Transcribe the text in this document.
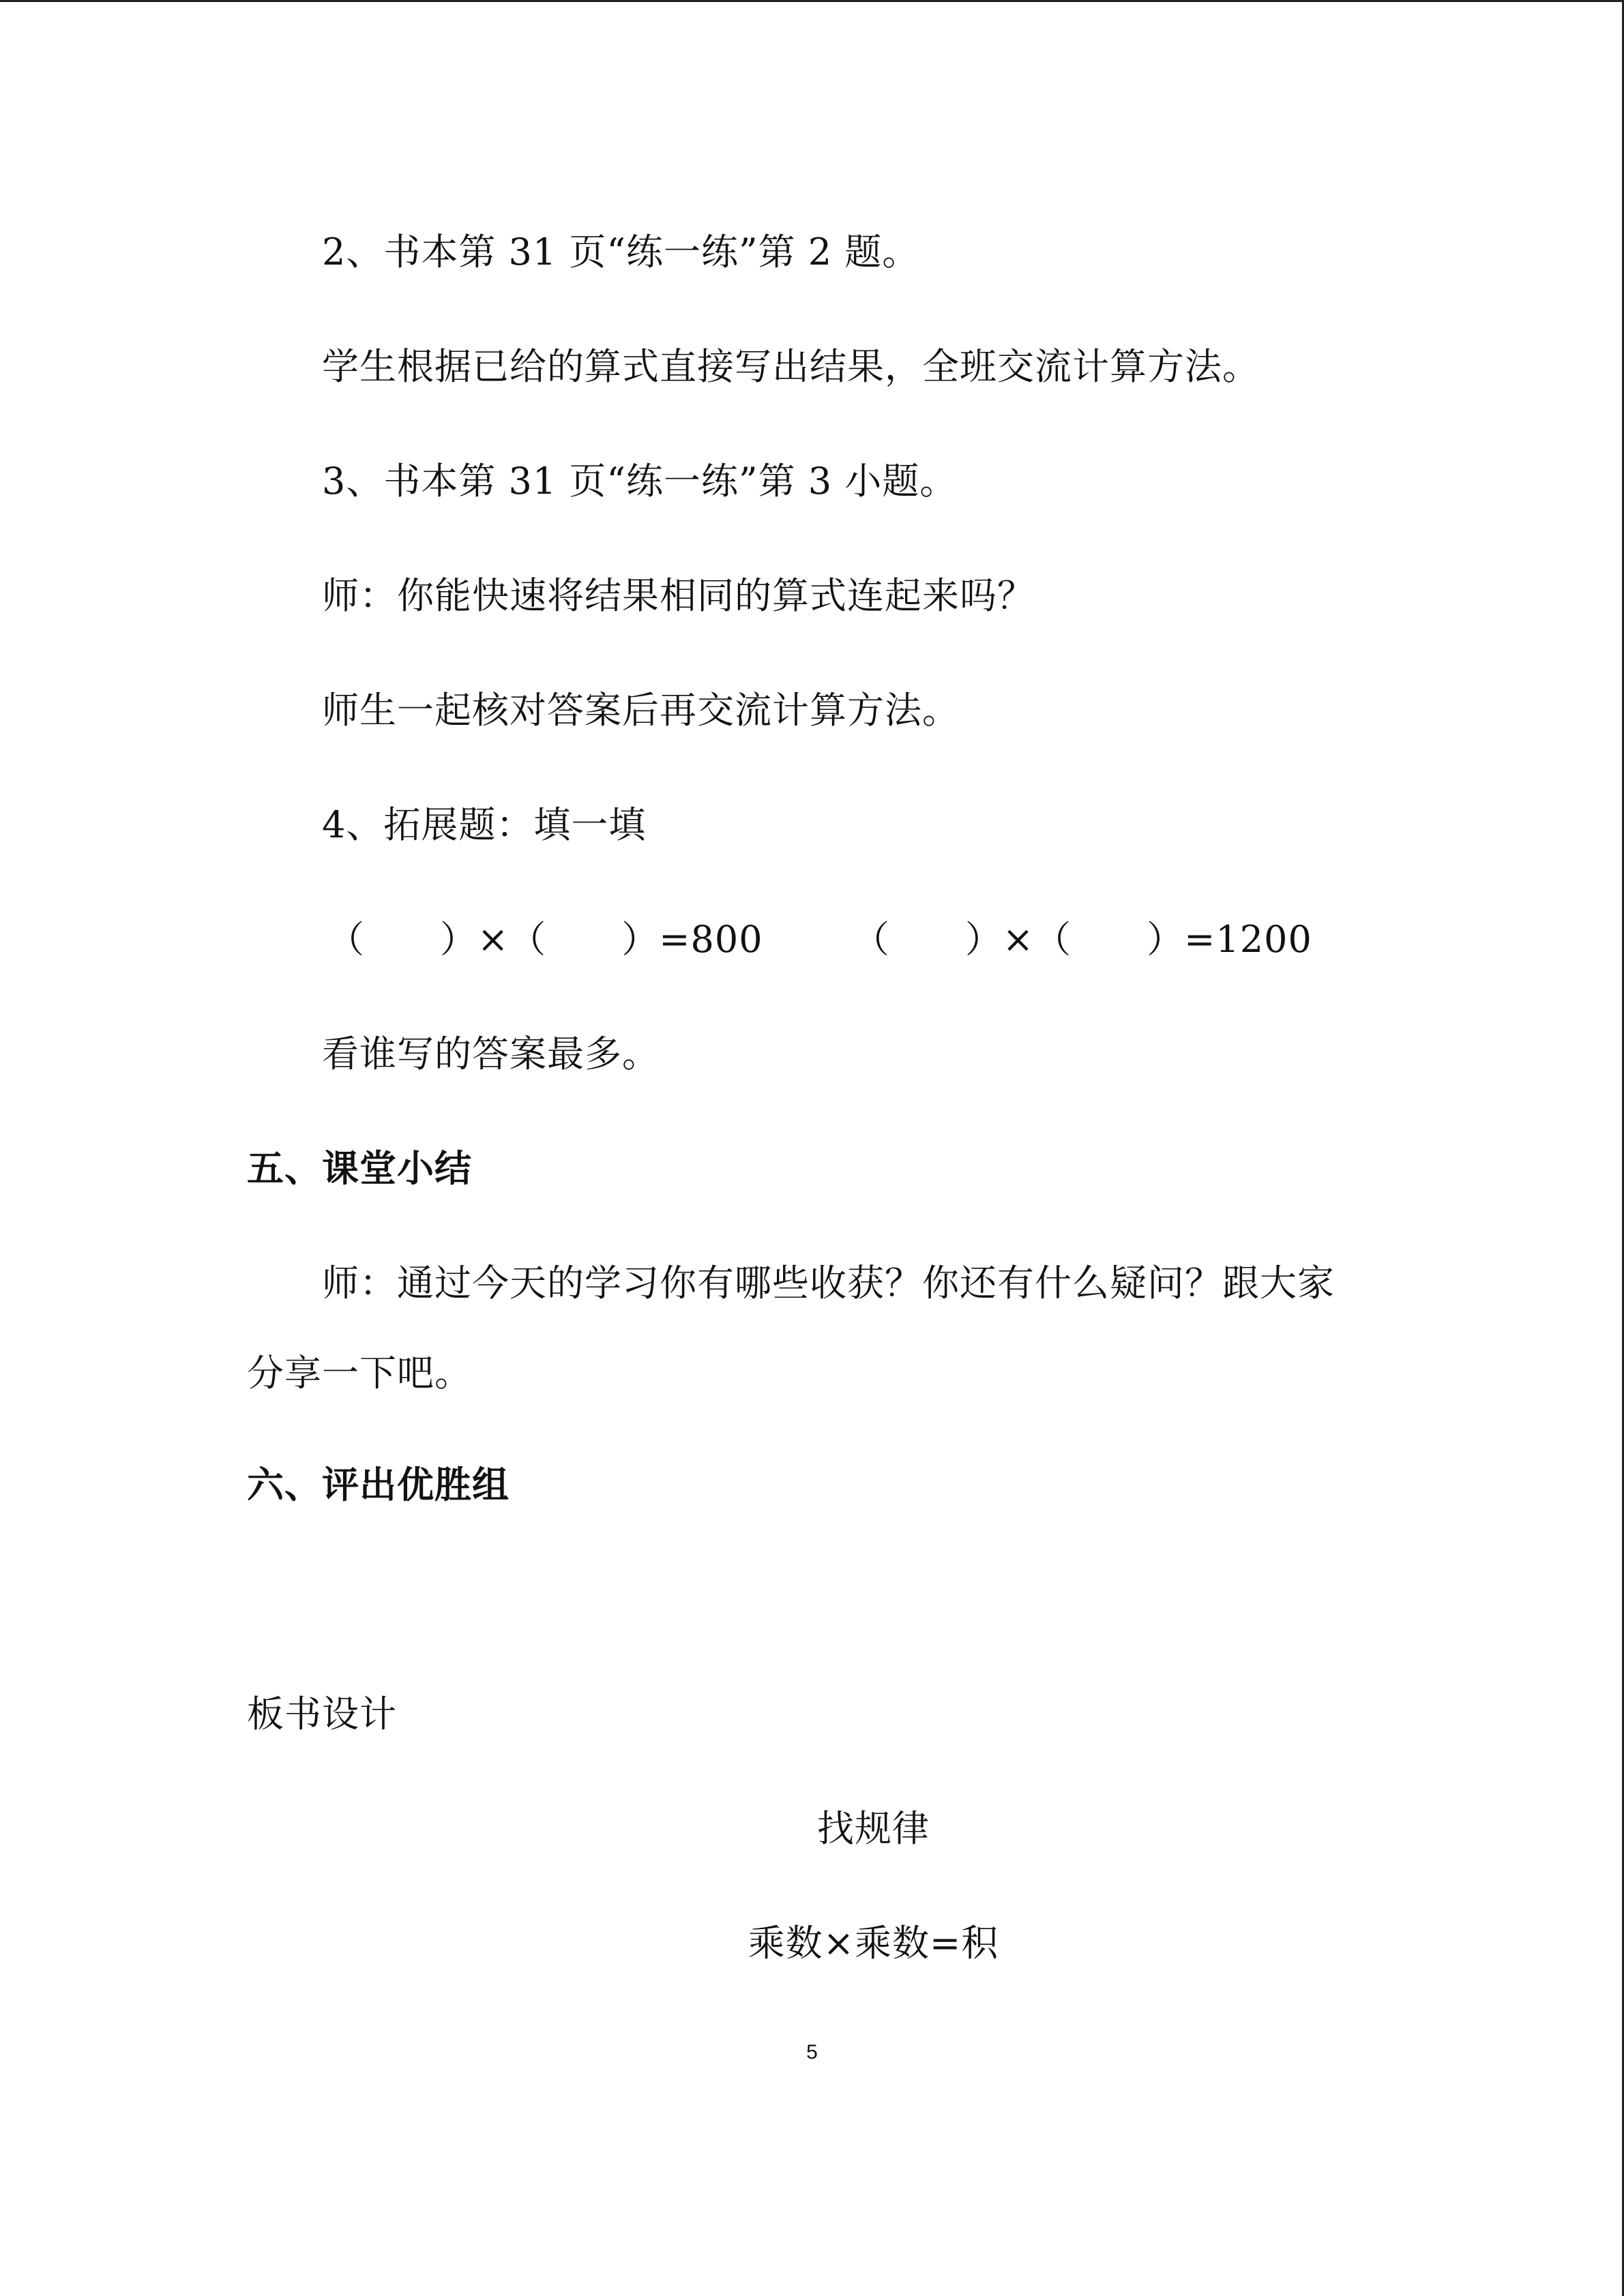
2、书本第 31 页“练一练”第 2 题。
学生根据已给的算式直接写出结果，全班交流计算方法。
3、书本第 31 页“练一练”第 3 小题。
师：你能快速将结果相同的算式连起来吗？
师生一起核对答案后再交流计算方法。
4、拓展题：填一填
（　　）×（　　）=800 （　　）×（　　）=1200
看谁写的答案最多。
五、课堂小结
师：通过今天的学习你有哪些收获？你还有什么疑问？跟大家
分享一下吧。
六、评出优胜组
板书设计
找规律
乘数×乘数=积
5
